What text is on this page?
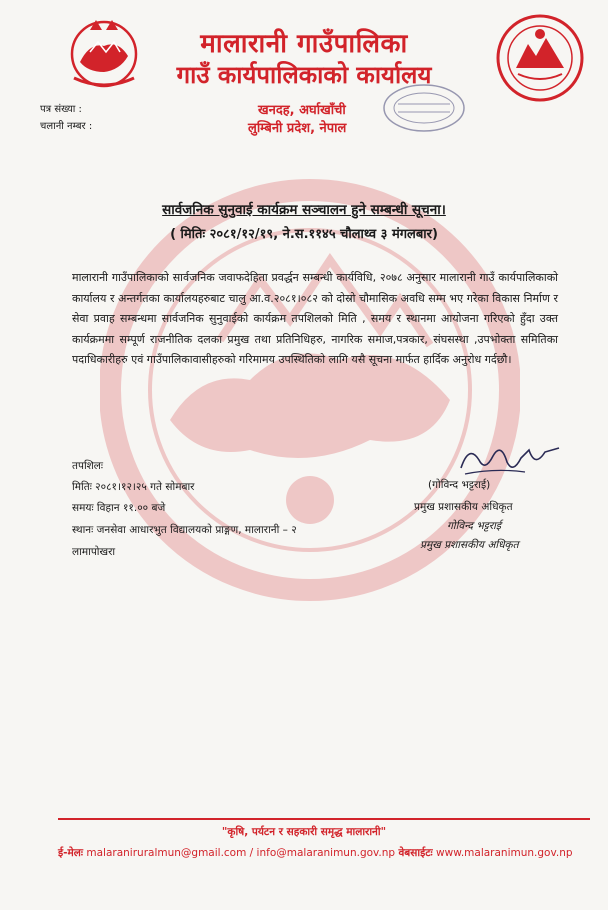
मालारानी गाउँपालिका
गाउँ कार्यपालिकाको कार्यालय
पत्र संख्या :
चलानी नम्बर :
खनदह, अर्घाखाँची
लुम्बिनी प्रदेश, नेपाल
सार्वजनिक सुनुवाई कार्यक्रम सञ्चालन हुने सम्बन्धी सूचना।
( मितिः २०८१/१२/१९, ने.स.११४५ चौलाथ्व ३ मंगलबार)
मालारानी गाउँपालिकाको सार्वजनिक जवाफदेहिता प्रवर्द्धन सम्बन्धी कार्यविधि, २०७८ अनुसार मालारानी गाउँ कार्यपालिकाको कार्यालय र अन्तर्गतका कार्यालयहरुबाट चालु आ.व.२०८१।०८२ को दोस्रो चौमासिक अवधि सम्म भए गरेका विकास निर्माण र सेवा प्रवाह सम्बन्धमा सार्वजनिक सुनुवाईको कार्यक्रम तपशिलको मिति , समय र स्थानमा आयोजना गरिएको हुँदा उक्त कार्यक्रममा सम्पूर्ण राजनीतिक दलका प्रमुख तथा प्रतिनिधिहरु, नागरिक समाज,पत्रकार, संघसस्था ,उपभोक्ता समितिका पदाधिकारीहरु एवं गाउँपालिकावासीहरुको गरिमामय उपस्थितिको लागि यसै सूचना मार्फत हार्दिक अनुरोध गर्दछौ।
तपशिलः
मितिः २०८१।१२।२५ गते सोमबार
समयः विहान ११.०० बजे
स्थानः जनसेवा आधारभुत विद्यालयको प्राङ्गण, मालारानी – २
लामापोखरा
(गोविन्द भट्टराई)
प्रमुख प्रशासकीय अधिकृत
गोविन्द भट्टराई
प्रमुख प्रशासकीय अधिकृत
"कृषि, पर्यटन र सहकारी समृद्ध मालारानी"
ई-मेलः malaraniruralmun@gmail.com / info@malaranimun.gov.np वेबसाईटः www.malaranimun.gov.np
